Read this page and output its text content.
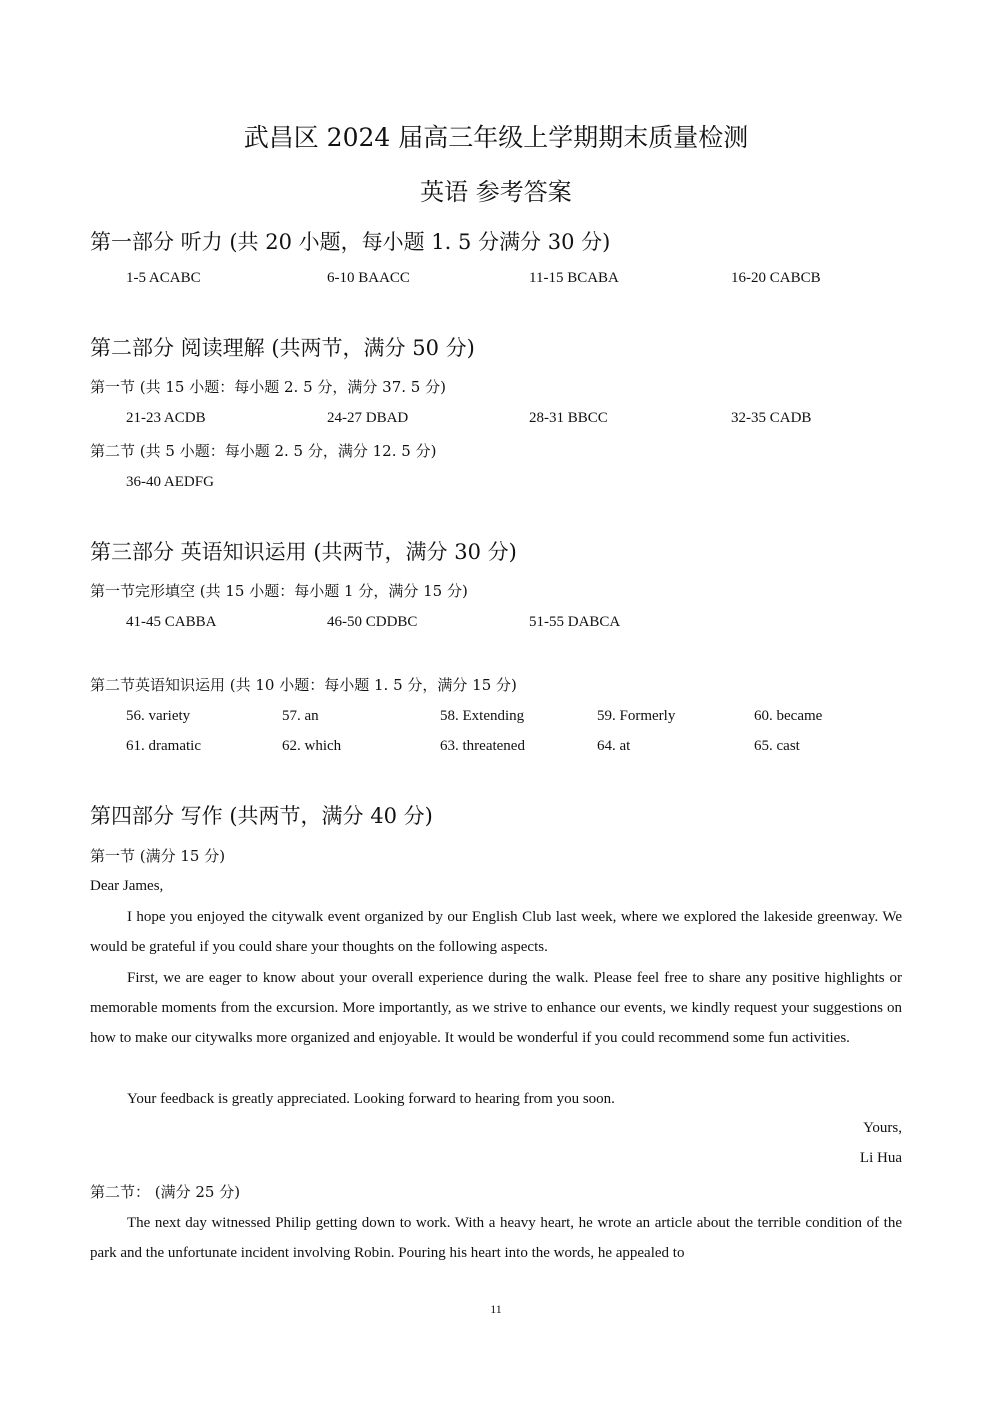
武昌区 2024 届高三年级上学期期末质量检测
英语 参考答案
第一部分 听力 (共 20 小题，每小题 1. 5 分满分 30 分)
1-5 ACABC	6-10 BAACC	11-15 BCABA	16-20 CABCB
第二部分 阅读理解 (共两节，满分 50 分)
第一节 (共 15 小题：每小题 2. 5 分，满分 37. 5 分)
21-23 ACDB	24-27 DBAD	28-31 BBCC	32-35 CADB
第二节 (共 5 小题：每小题 2. 5 分，满分 12. 5 分)
36-40 AEDFG
第三部分 英语知识运用 (共两节，满分 30 分)
第一节完形填空 (共 15 小题：每小题 1 分，满分 15 分)
41-45 CABBA	46-50 CDDBC	51-55 DABCA
第二节英语知识运用 (共 10 小题：每小题 1. 5 分，满分 15 分)
56. variety	57. an	58. Extending	59. Formerly	60. became
61. dramatic	62. which	63. threatened	64. at	65. cast
第四部分 写作 (共两节，满分 40 分)
第一节 (满分 15 分)
Dear James,
I hope you enjoyed the citywalk event organized by our English Club last week, where we explored the lakeside greenway. We would be grateful if you could share your thoughts on the following aspects.
First, we are eager to know about your overall experience during the walk. Please feel free to share any positive highlights or memorable moments from the excursion. More importantly, as we strive to enhance our events, we kindly request your suggestions on how to make our citywalks more organized and enjoyable. It would be wonderful if you could recommend some fun activities.
Your feedback is greatly appreciated. Looking forward to hearing from you soon.
Yours,
Li Hua
第二节： (满分 25 分)
The next day witnessed Philip getting down to work. With a heavy heart, he wrote an article about the terrible condition of the park and the unfortunate incident involving Robin. Pouring his heart into the words, he appealed to
11
